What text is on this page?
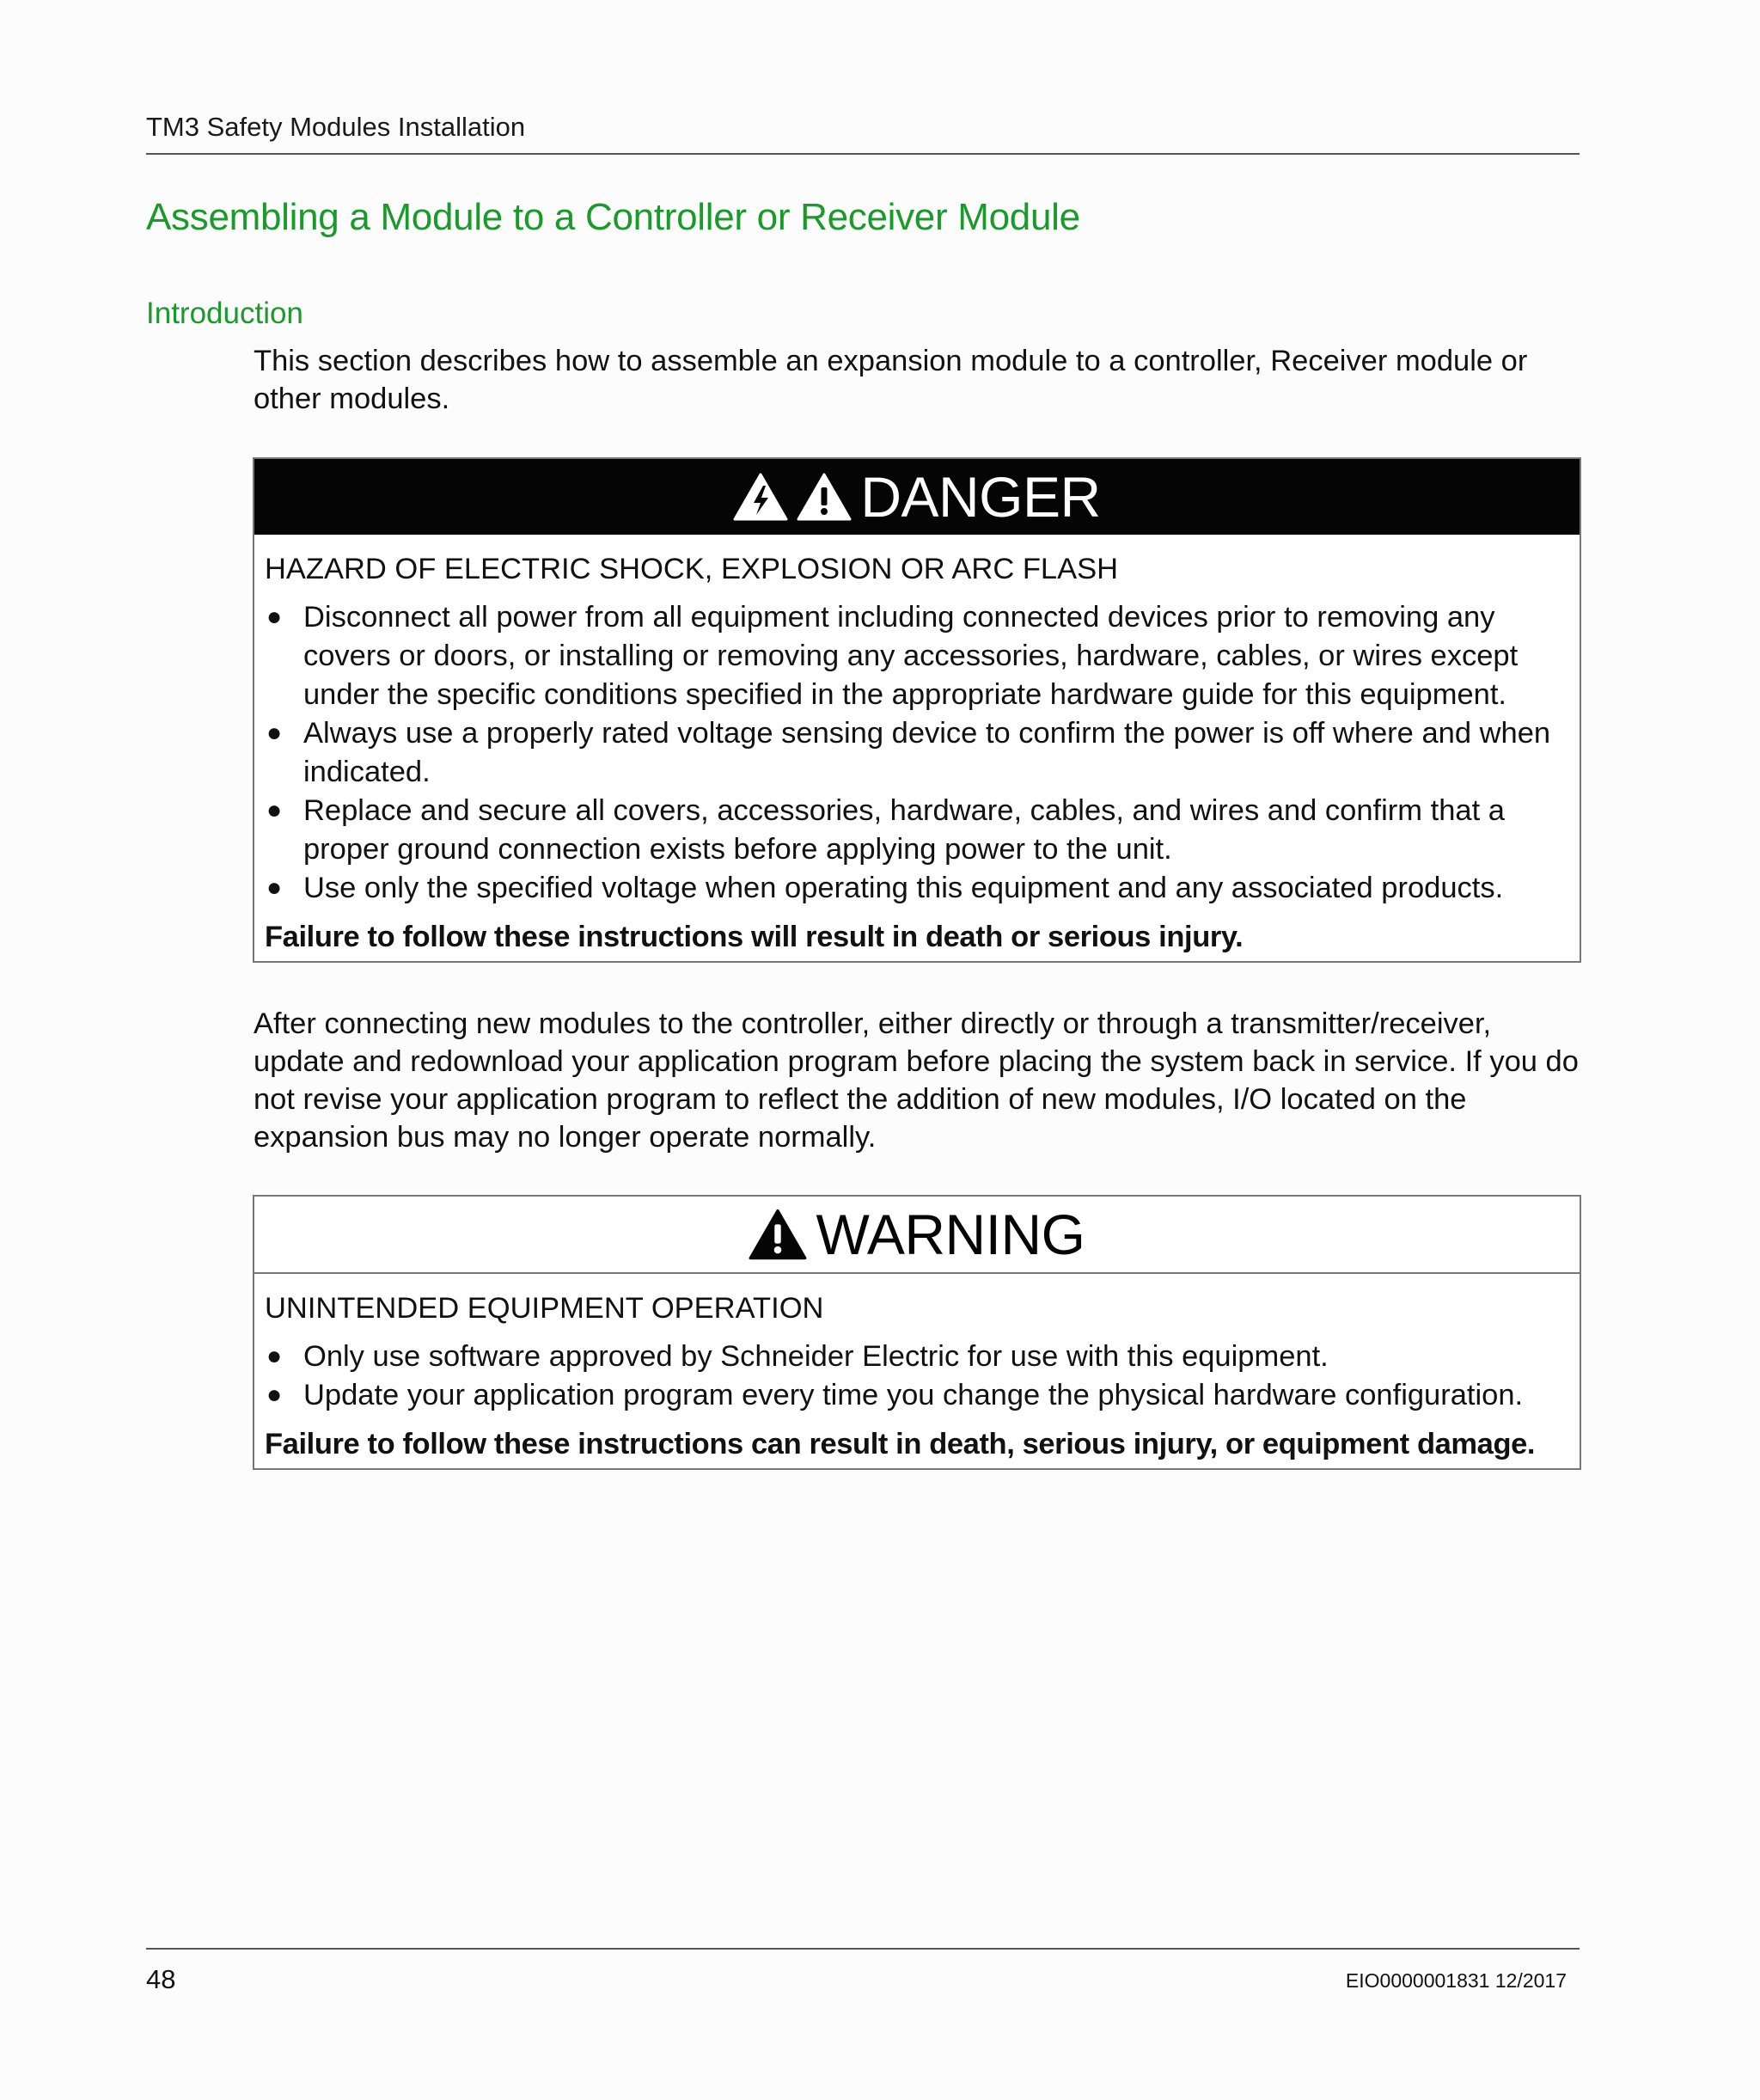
TM3 Safety Modules Installation
Assembling a Module to a Controller or Receiver Module
Introduction
This section describes how to assemble an expansion module to a controller, Receiver module or other modules.
DANGER
HAZARD OF ELECTRIC SHOCK, EXPLOSION OR ARC FLASH
● Disconnect all power from all equipment including connected devices prior to removing any covers or doors, or installing or removing any accessories, hardware, cables, or wires except under the specific conditions specified in the appropriate hardware guide for this equipment.
● Always use a properly rated voltage sensing device to confirm the power is off where and when indicated.
● Replace and secure all covers, accessories, hardware, cables, and wires and confirm that a proper ground connection exists before applying power to the unit.
● Use only the specified voltage when operating this equipment and any associated products.
Failure to follow these instructions will result in death or serious injury.
After connecting new modules to the controller, either directly or through a transmitter/receiver, update and redownload your application program before placing the system back in service. If you do not revise your application program to reflect the addition of new modules, I/O located on the expansion bus may no longer operate normally.
WARNING
UNINTENDED EQUIPMENT OPERATION
● Only use software approved by Schneider Electric for use with this equipment.
● Update your application program every time you change the physical hardware configuration.
Failure to follow these instructions can result in death, serious injury, or equipment damage.
48	EIO0000001831 12/2017
